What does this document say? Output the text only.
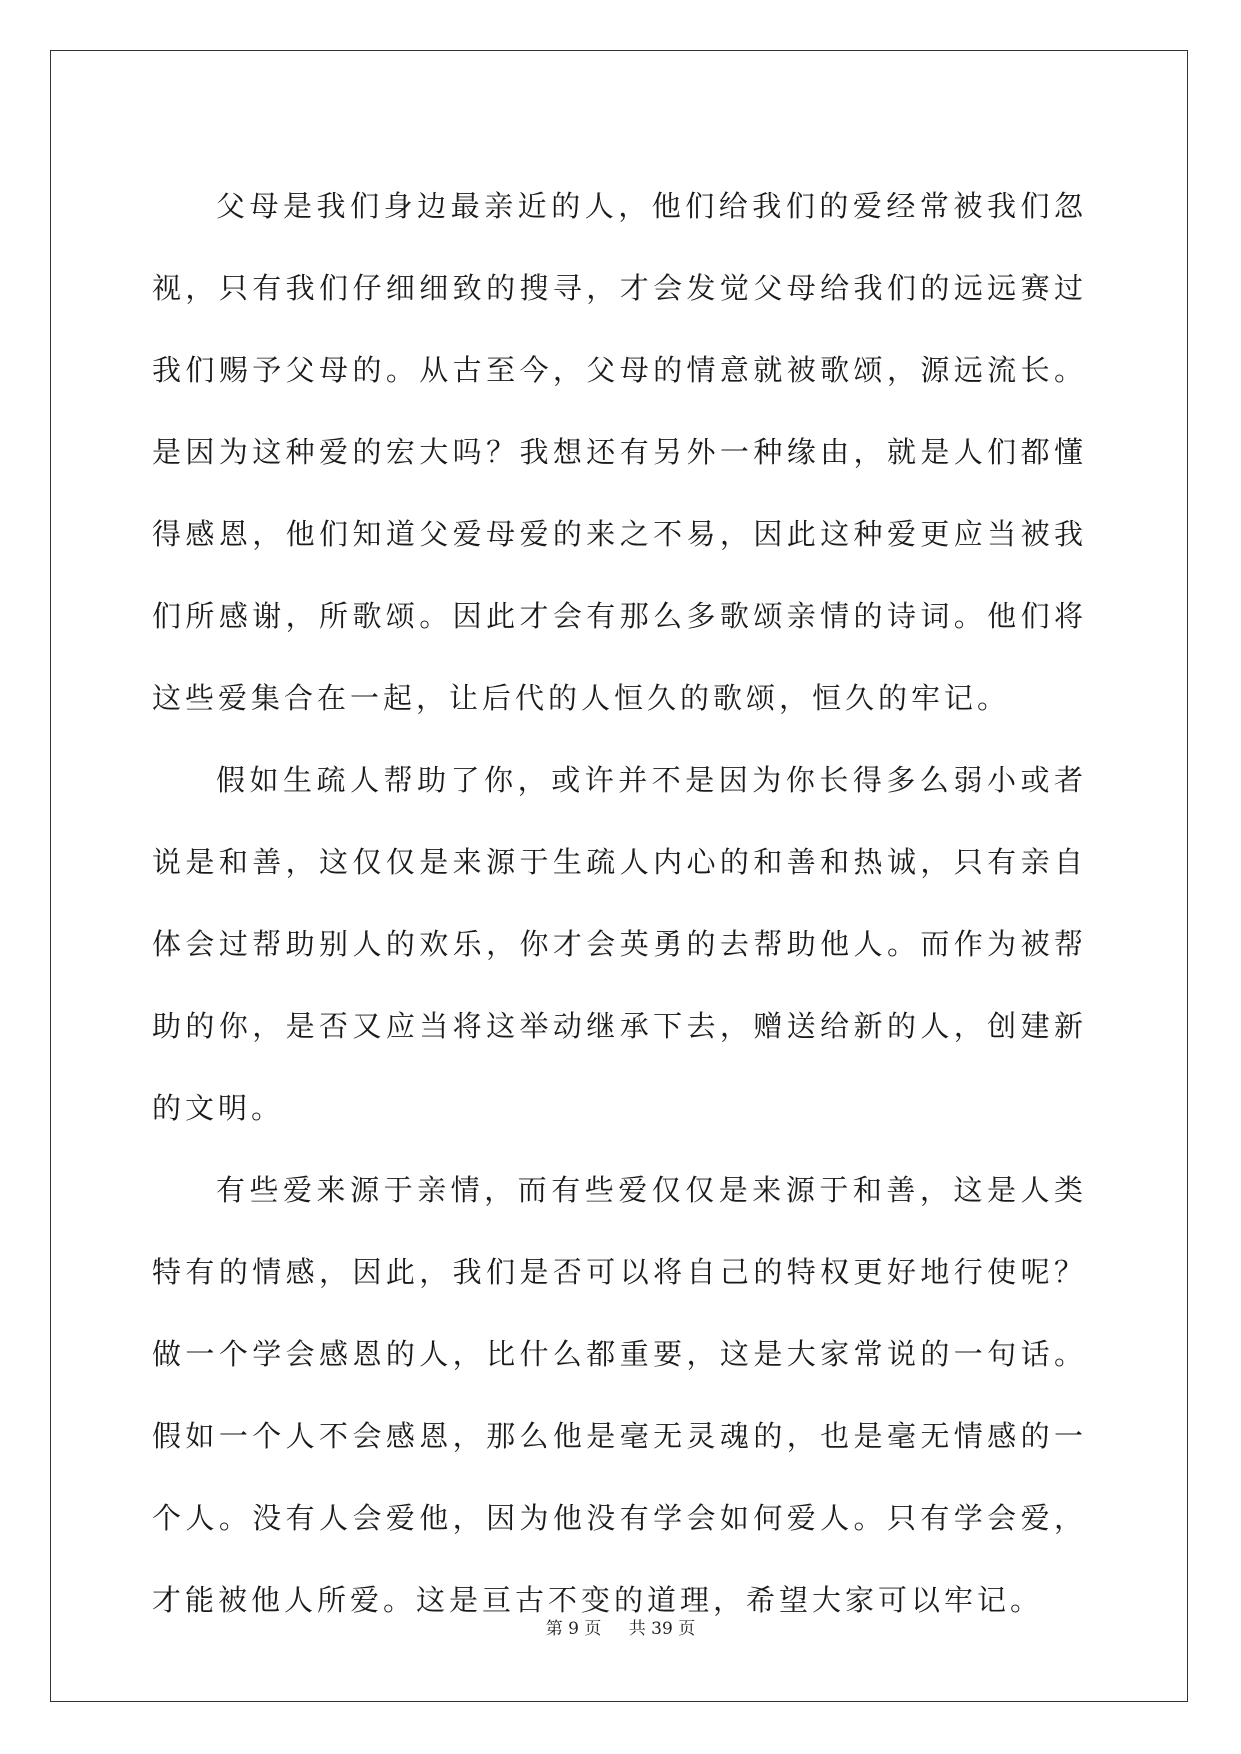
父母是我们身边最亲近的人，他们给我们的爱经常被我们忽视，只有我们仔细细致的搜寻，才会发觉父母给我们的远远赛过我们赐予父母的。从古至今，父母的情意就被歌颂，源远流长。是因为这种爱的宏大吗？我想还有另外一种缘由，就是人们都懂得感恩，他们知道父爱母爱的来之不易，因此这种爱更应当被我们所感谢，所歌颂。因此才会有那么多歌颂亲情的诗词。他们将这些爱集合在一起，让后代的人恒久的歌颂，恒久的牢记。

假如生疏人帮助了你，或许并不是因为你长得多么弱小或者说是和善，这仅仅是来源于生疏人内心的和善和热诚，只有亲自体会过帮助别人的欢乐，你才会英勇的去帮助他人。而作为被帮助的你，是否又应当将这举动继承下去，赠送给新的人，创建新的文明。

有些爱来源于亲情，而有些爱仅仅是来源于和善，这是人类特有的情感，因此，我们是否可以将自己的特权更好地行使呢？做一个学会感恩的人，比什么都重要，这是大家常说的一句话。假如一个人不会感恩，那么他是毫无灵魂的，也是毫无情感的一个人。没有人会爱他，因为他没有学会如何爱人。只有学会爱，才能被他人所爱。这是亘古不变的道理，希望大家可以牢记。

第 9 页 共 39 页
